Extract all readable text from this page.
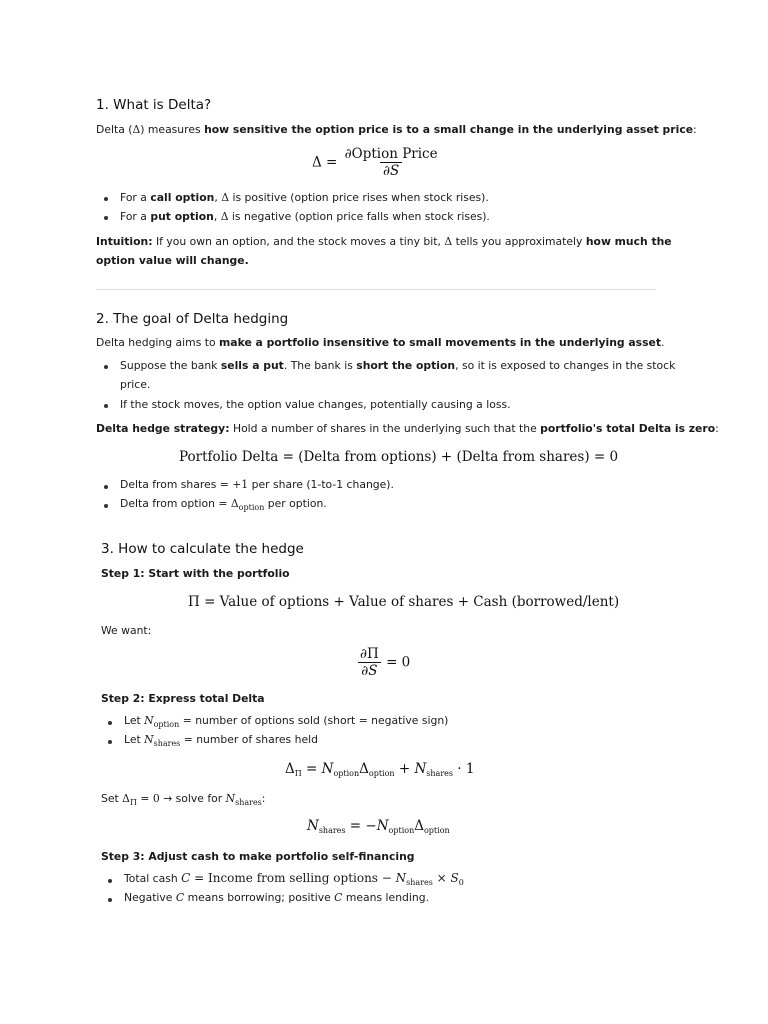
1. What is Delta?
Delta (Δ) measures how sensitive the option price is to a small change in the underlying asset price:
$\Delta = \frac{\text{∂Option Price}}{\partial S}$
For a call option, Δ is positive (option price rises when stock rises).
For a put option, Δ is negative (option price falls when stock rises).
Intuition: If you own an option, and the stock moves a tiny bit, Δ tells you approximately how much the
option value will change.
2. The goal of Delta hedging
Delta hedging aims to make a portfolio insensitive to small movements in the underlying asset.
Suppose the bank sells a put. The bank is short the option, so it is exposed to changes in the stock
price.
If the stock moves, the option value changes, potentially causing a loss.
Delta hedge strategy: Hold a number of shares in the underlying such that the portfolio's total Delta is zero:
Portfolio Delta = (Delta from options) + (Delta from shares) = 0
Delta from shares = +1 per share (1-to-1 change).
Delta from option = $\Delta_{option}$ per option.
3. How to calculate the hedge
Step 1: Start with the portfolio
Π = Value of options + Value of shares + Cash (borrowed/lent)
We want:
$\frac{\partial\Pi}{\partial S} = 0$
Step 2: Express total Delta
Let $N_{option}$ = number of options sold (short = negative sign)
Let $N_{shares}$ = number of shares held
$\Delta_\Pi = N_{option}\Delta_{option} + N_{shares} \cdot 1$
Set $\Delta_\Pi = 0$ → solve for $N_{shares}$:
$N_{shares} = -N_{option}\Delta_{option}$
Step 3: Adjust cash to make portfolio self-financing
Total cash C = Income from selling options − $N_{shares} \times S_0$
Negative C means borrowing; positive C means lending.
